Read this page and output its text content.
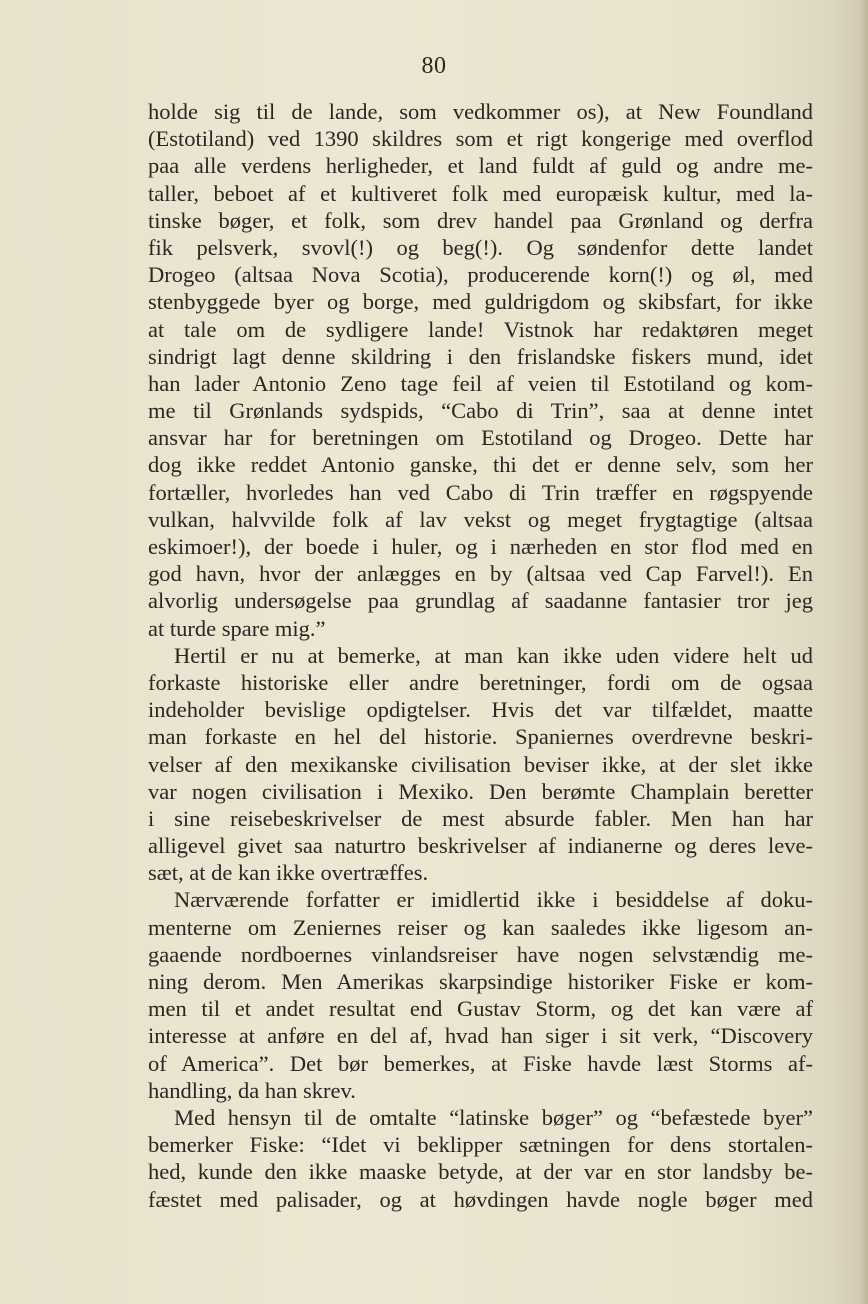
80
holde sig til de lande, som vedkommer os), at New Foundland
(Estotiland) ved 1390 skildres som et rigt kongerige med overflod
paa alle verdens herligheder, et land fuldt af guld og andre me-
taller, beboet af et kultiveret folk med europæisk kultur, med la-
tinske bøger, et folk, som drev handel paa Grønland og derfra
fik pelsverk, svovl(!) og beg(!). Og søndenfor dette landet
Drogeo (altsaa Nova Scotia), producerende korn(!) og øl, med
stenbyggede byer og borge, med guldrigdom og skibsfart, for ikke
at tale om de sydligere lande! Vistnok har redaktøren meget
sindrigt lagt denne skildring i den frislandske fiskers mund, idet
han lader Antonio Zeno tage feil af veien til Estotiland og kom-
me til Grønlands sydspids, “Cabo di Trin”, saa at denne intet
ansvar har for beretningen om Estotiland og Drogeo. Dette har
dog ikke reddet Antonio ganske, thi det er denne selv, som her
fortæller, hvorledes han ved Cabo di Trin træffer en røgspyende
vulkan, halvvilde folk af lav vekst og meget frygtagtige (altsaa
eskimoer!), der boede i huler, og i nærheden en stor flod med en
god havn, hvor der anlægges en by (altsaa ved Cap Farvel!). En
alvorlig undersøgelse paa grundlag af saadanne fantasier tror jeg
at turde spare mig.”
Hertil er nu at bemerke, at man kan ikke uden videre helt ud
forkaste historiske eller andre beretninger, fordi om de ogsaa
indeholder bevislige opdigtelser. Hvis det var tilfældet, maatte
man forkaste en hel del historie. Spaniernes overdrevne beskri-
velser af den mexikanske civilisation beviser ikke, at der slet ikke
var nogen civilisation i Mexiko. Den berømte Champlain beretter
i sine reisebeskrivelser de mest absurde fabler. Men han har
alligevel givet saa naturtro beskrivelser af indianerne og deres leve-
sæt, at de kan ikke overtræffes.
Nærværende forfatter er imidlertid ikke i besiddelse af doku-
menterne om Zeniernes reiser og kan saaledes ikke ligesom an-
gaaende nordboernes vinlandsreiser have nogen selvstændig me-
ning derom. Men Amerikas skarpsindige historiker Fiske er kom-
men til et andet resultat end Gustav Storm, og det kan være af
interesse at anføre en del af, hvad han siger i sit verk, “Discovery
of America”. Det bør bemerkes, at Fiske havde læst Storms af-
handling, da han skrev.
Med hensyn til de omtalte “latinske bøger” og “befæstede byer”
bemerker Fiske: “Idet vi beklipper sætningen for dens stortalen-
hed, kunde den ikke maaske betyde, at der var en stor landsby be-
fæstet med palisader, og at høvdingen havde nogle bøger med
